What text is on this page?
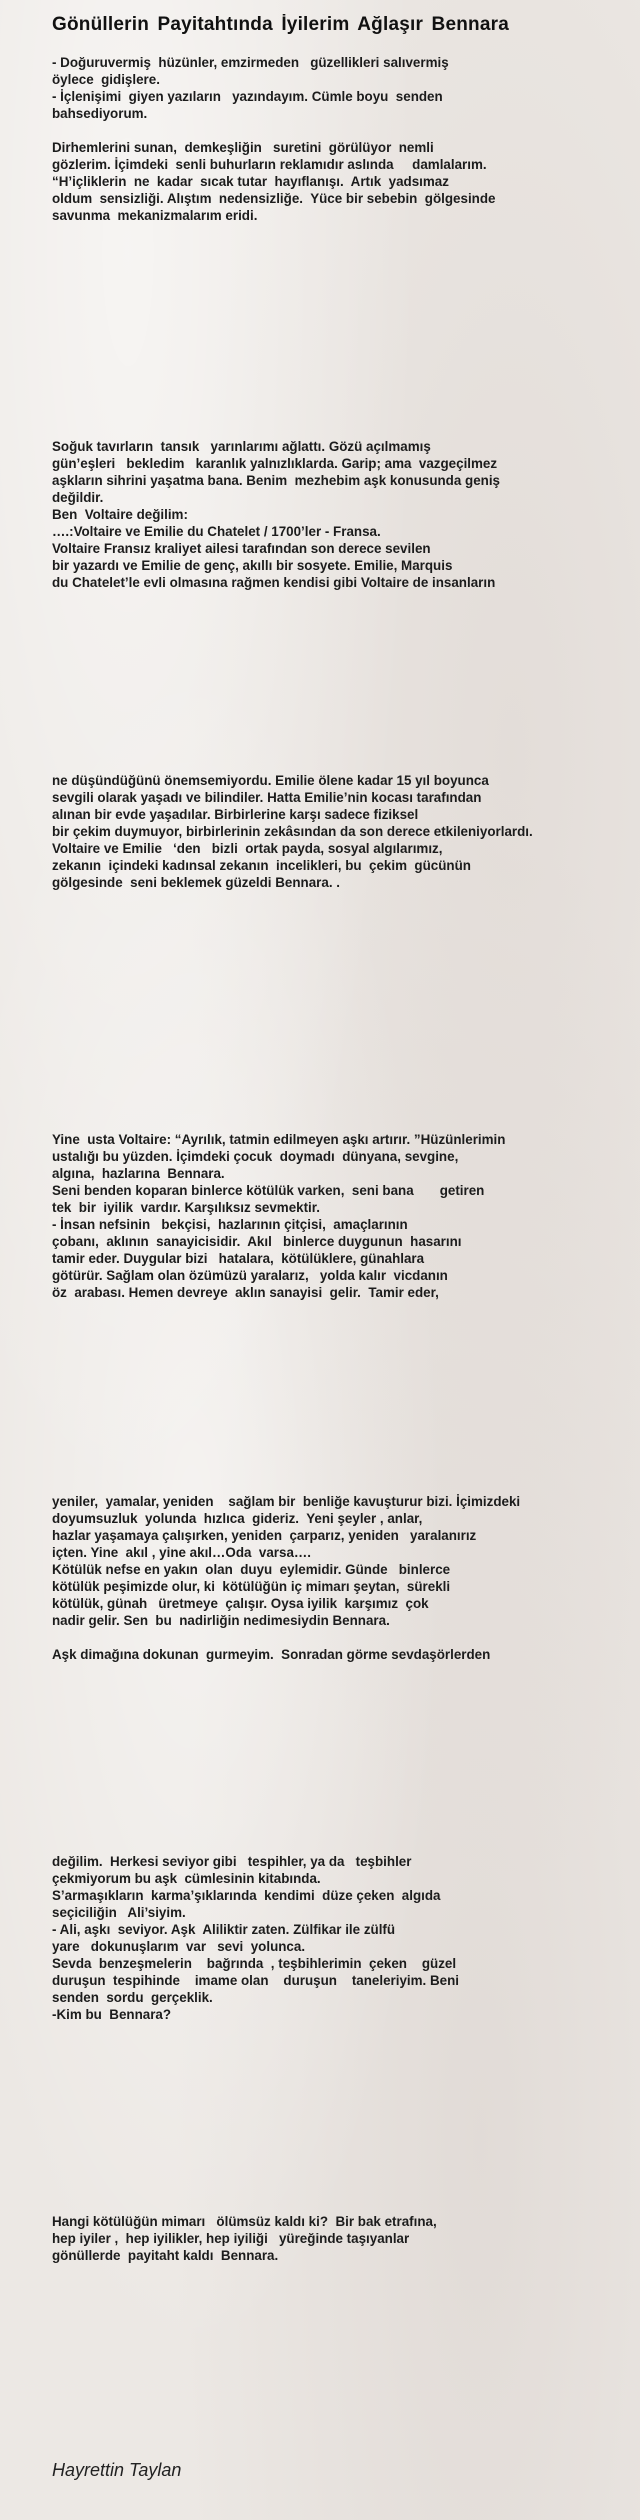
Gönüllerin Payitahtında İyilerim Ağlaşır Bennara
- Doğuruvermiş  hüzünler, emzirmeden   güzellikleri salıvermiş
öylece  gidişlere.
- İçlenişimi  giyen yazıların   yazındayım. Cümle boyu  senden
bahsediyorum.
Dirhemlerini sunan,  demkeşliğin   suretini  görülüyor  nemli
gözlerim. İçimdeki  senli buhurların reklamıdır aslında     damlalarım.
“H’içliklerin  ne  kadar  sıcak tutar  hayıflanışı.  Artık  yadsımaz
oldum  sensizliği. Alıştım  nedensizliğe.  Yüce bir sebebin  gölgesinde
savunma  mekanizmalarım eridi.
Soğuk tavırların  tansık   yarınlarımı ağlattı. Gözü açılmamış
gün’eşleri   bekledim   karanlık yalnızlıklarda. Garip; ama  vazgeçilmez
aşkların sihrini yaşatma bana. Benim  mezhebim aşk konusunda geniş
değildir.
Ben  Voltaire değilim:
….:Voltaire ve Emilie du Chatelet / 1700’ler - Fransa.
Voltaire Fransız kraliyet ailesi tarafından son derece sevilen
bir yazardı ve Emilie de genç, akıllı bir sosyete. Emilie, Marquis
du Chatelet’le evli olmasına rağmen kendisi gibi Voltaire de insanların
ne düşündüğünü önemsemiyordu. Emilie ölene kadar 15 yıl boyunca
sevgili olarak yaşadı ve bilindiler. Hatta Emilie’nin kocası tarafından
alınan bir evde yaşadılar. Birbirlerine karşı sadece fiziksel
bir çekim duymuyor, birbirlerinin zekâsından da son derece etkileniyorlardı.
Voltaire ve Emilie   ‘den   bizli  ortak payda, sosyal algılarımız,
zekanın  içindeki kadınsal zekanın  incelikleri, bu  çekim  gücünün
gölgesinde  seni beklemek güzeldi Bennara. .
Yine  usta Voltaire: “Ayrılık, tatmin edilmeyen aşkı artırır. ”Hüzünlerimin
ustalığı bu yüzden. İçimdeki çocuk  doymadı  dünyana, sevgine,
algına,  hazlarına  Bennara.
Seni benden koparan binlerce kötülük varken,  seni bana       getiren
tek  bir  iyilik  vardır. Karşılıksız sevmektir.
- İnsan nefsinin   bekçisi,  hazlarının çitçisi,  amaçlarının
çobanı,  aklının  sanayicisidir.  Akıl   binlerce duygunun  hasarını
tamir eder. Duygular bizi   hatalara,  kötülüklere, günahlara
götürür. Sağlam olan özümüzü yaralarız,   yolda kalır  vicdanın
öz  arabası. Hemen devreye  aklın sanayisi  gelir.  Tamir eder,
yeniler,  yamalar, yeniden    sağlam bir  benliğe kavuşturur bizi. İçimizdeki
doyumsuzluk  yolunda  hızlıca  gideriz.  Yeni şeyler , anlar,
hazlar yaşamaya çalışırken, yeniden  çarparız, yeniden   yaralanırız
içten. Yine  akıl , yine akıl…Oda  varsa….
Kötülük nefse en yakın  olan  duyu  eylemidir. Günde   binlerce
kötülük peşimizde olur, ki  kötülüğün iç mimarı şeytan,  sürekli
kötülük, günah   üretmeye  çalışır. Oysa iyilik  karşımız  çok
nadir gelir. Sen  bu  nadirliğin nedimesiydin Bennara.
Aşk dimağına dokunan  gurmeyim.  Sonradan görme sevdaşörlerden
değilim.  Herkesi seviyor gibi   tespihler, ya da   teşbihler
çekmiyorum bu aşk  cümlesinin kitabında.
S’armaşıkların  karma’şıklarında  kendimi  düze çeken  algıda
seçiciliğin   Ali’siyim.
- Ali, aşkı  seviyor. Aşk  Aliliktir zaten. Zülfikar ile zülfü
yare   dokunuşlarım  var   sevi  yolunca.
Sevda  benzeşmelerin    bağrında  , teşbihlerimin  çeken    güzel
duruşun  tespihinde    imame olan    duruşun    taneleriyim. Beni
senden  sordu  gerçeklik.
-Kim bu  Bennara?
Hangi kötülüğün mimarı   ölümsüz kaldı ki?  Bir bak etrafına,
hep iyiler ,  hep iyilikler, hep iyiliği   yüreğinde taşıyanlar
gönüllerde  payitaht kaldı  Bennara.
Hayrettin Taylan
